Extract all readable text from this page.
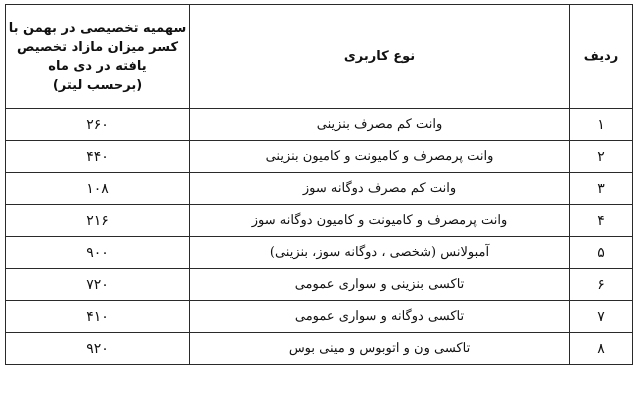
ردیف	نوع کاربری	سهمیه تخصیصی در بهمن با
کسر میزان مازاد تخصیص
یافته در دی ماه
(برحسب لیتر)

۱	وانت کم مصرف بنزینی	۲۶۰
۲	وانت پرمصرف و کامیونت و کامیون بنزینی	۴۴۰
۳	وانت کم مصرف دوگانه سوز	۱۰۸
۴	وانت پرمصرف و کامیونت و کامیون دوگانه سوز	۲۱۶
۵	آمبولانس (شخصی ، دوگانه سوز، بنزینی)	۹۰۰
۶	تاکسی بنزینی و سواری عمومی	۷۲۰
۷	تاکسی دوگانه و سواری عمومی	۴۱۰
۸	تاکسی ون و اتوبوس و مینی بوس	۹۲۰
